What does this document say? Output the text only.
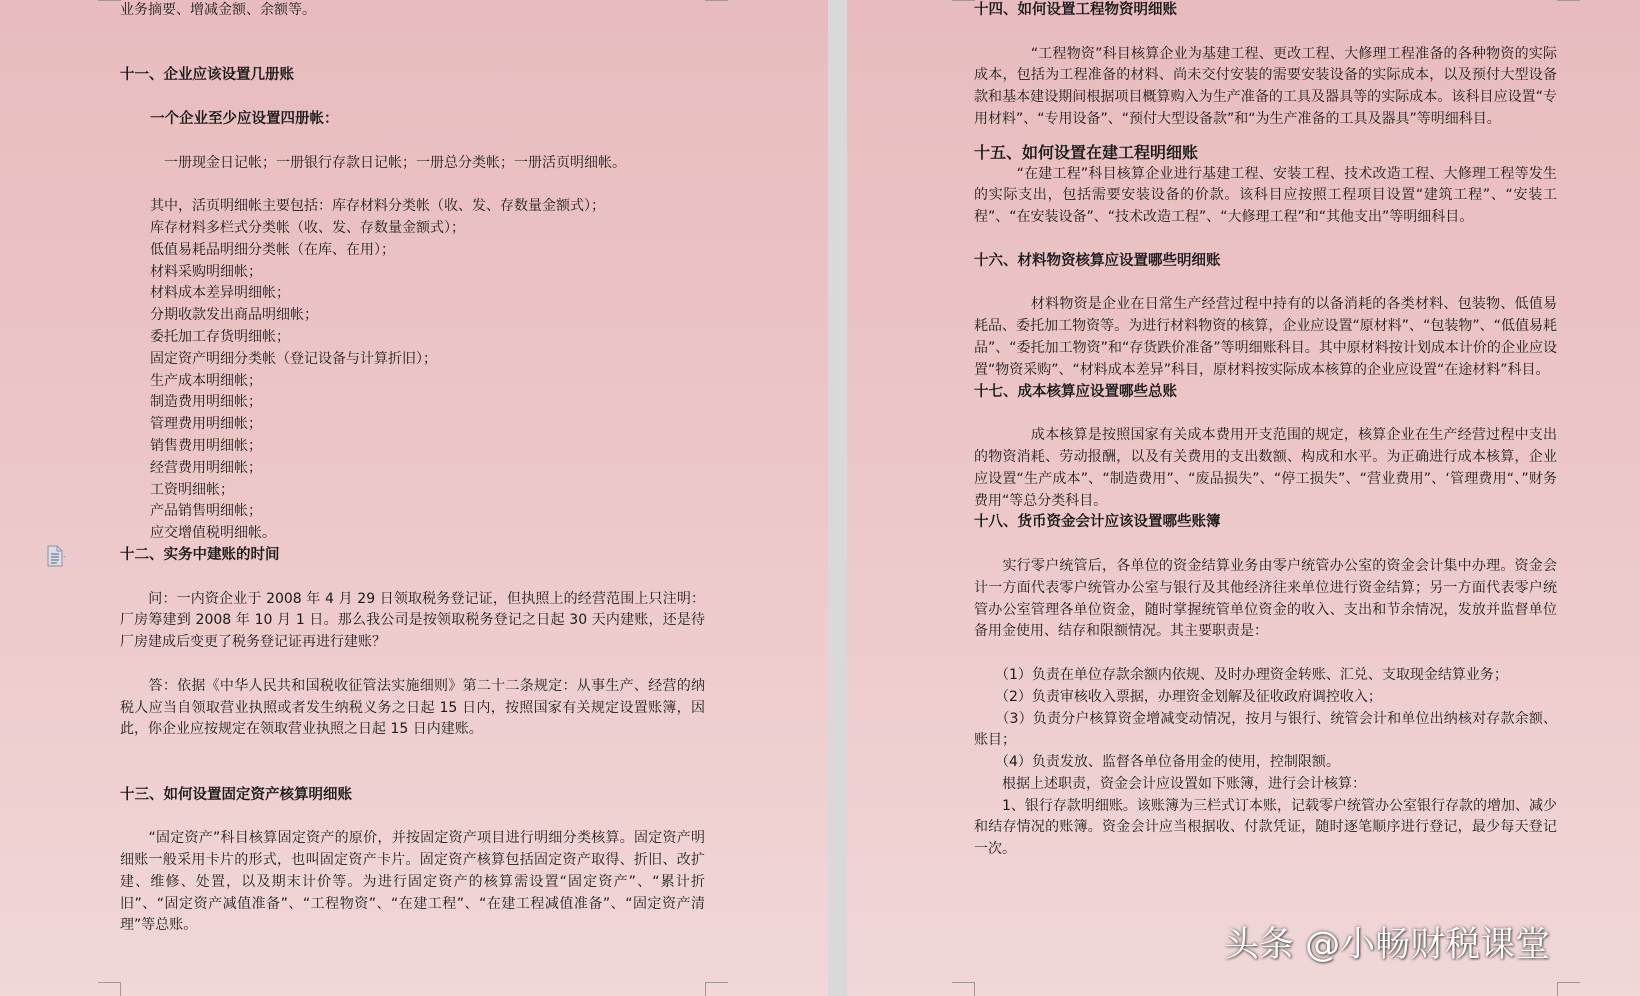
业务摘要、增减金额、余额等。

十一、企业应该设置几册账

一个企业至少应设置四册帐：

一册现金日记帐；一册银行存款日记帐；一册总分类帐；一册活页明细帐。

其中，活页明细帐主要包括：库存材料分类帐（收、发、存数量金额式）；

库存材料多栏式分类帐（收、发、存数量金额式）；

低值易耗品明细分类帐（在库、在用）；

材料采购明细帐；

材料成本差异明细帐；

分期收款发出商品明细帐；

委托加工存货明细帐；

固定资产明细分类帐（登记设备与计算折旧）；

生产成本明细帐；

制造费用明细帐；

管理费用明细帐；

销售费用明细帐；

经营费用明细帐；

工资明细帐；

产品销售明细帐；

应交增值税明细帐。

十二、实务中建账的时间

　　问：一内资企业于 2008 年 4 月 29 日领取税务登记证，但执照上的经营范围上只注明：厂房筹建到 2008 年 10 月 1 日。那么我公司是按领取税务登记之日起 30 天内建账，还是待厂房建成后变更了税务登记证再进行建账？

　　答：依据《中华人民共和国税收征管法实施细则》第二十二条规定：从事生产、经营的纳税人应当自领取营业执照或者发生纳税义务之日起 15 日内，按照国家有关规定设置账簿，因此，你企业应按规定在领取营业执照之日起 15 日内建账。

十三、如何设置固定资产核算明细账

　　“固定资产”科目核算固定资产的原价，并按固定资产项目进行明细分类核算。固定资产明细账一般采用卡片的形式，也叫固定资产卡片。固定资产核算包括固定资产取得、折旧、改扩建、维修、处置，以及期末计价等。为进行固定资产的核算需设置“固定资产”、“累计折旧”、“固定资产减值准备”、“工程物资”、“在建工程”、“在建工程减值准备”、“固定资产清理”等总账。

十四、如何设置工程物资明细账

　　　　“工程物资”科目核算企业为基建工程、更改工程、大修理工程准备的各种物资的实际成本，包括为工程准备的材料、尚未交付安装的需要安装设备的实际成本，以及预付大型设备款和基本建设期间根据项目概算购入为生产准备的工具及器具等的实际成本。该科目应设置“专用材料”、“专用设备”、“预付大型设备款”和“为生产准备的工具及器具”等明细科目。

十五、如何设置在建工程明细账

　　　“在建工程”科目核算企业进行基建工程、安装工程、技术改造工程、大修理工程等发生的实际支出，包括需要安装设备的价款。该科目应按照工程项目设置“建筑工程”、“安装工程”、“在安装设备”、“技术改造工程”、“大修理工程”和“其他支出”等明细科目。

十六、材料物资核算应设置哪些明细账

　　　　材料物资是企业在日常生产经营过程中持有的以备消耗的各类材料、包装物、低值易耗品、委托加工物资等。为进行材料物资的核算，企业应设置“原材料”、“包装物”、“低值易耗品”、“委托加工物资”和“存货跌价准备”等明细账科目。其中原材料按计划成本计价的企业应设置“物资采购”、“材料成本差异”科目，原材料按实际成本核算的企业应设置“在途材料”科目。

十七、成本核算应设置哪些总账

　　　　成本核算是按照国家有关成本费用开支范围的规定，核算企业在生产经营过程中支出的物资消耗、劳动报酬，以及有关费用的支出数额、构成和水平。为正确进行成本核算，企业应设置“生产成本”、“制造费用”、“废品损失”、“停工损失”、“营业费用”、‘管理费用“、”财务费用“等总分类科目。

十八、货币资金会计应该设置哪些账簿

　　实行零户统管后，各单位的资金结算业务由零户统管办公室的资金会计集中办理。资金会计一方面代表零户统管办公室与银行及其他经济往来单位进行资金结算；另一方面代表零户统管办公室管理各单位资金，随时掌握统管单位资金的收入、支出和节余情况，发放并监督单位备用金使用、结存和限额情况。其主要职责是：

　　（1）负责在单位存款余额内依规、及时办理资金转账、汇兑、支取现金结算业务；

　　（2）负责审核收入票据，办理资金划解及征收政府调控收入；

　　（3）负责分户核算资金增减变动情况，按月与银行、统管会计和单位出纳核对存款余额、账目；

　　（4）负责发放、监督各单位备用金的使用，控制限额。

　　根据上述职责，资金会计应设置如下账簿，进行会计核算：

　　1、银行存款明细账。该账簿为三栏式订本账，记载零户统管办公室银行存款的增加、减少和结存情况的账簿。资金会计应当根据收、付款凭证，随时逐笔顺序进行登记，最少每天登记一次。

头条 @小畅财税课堂
